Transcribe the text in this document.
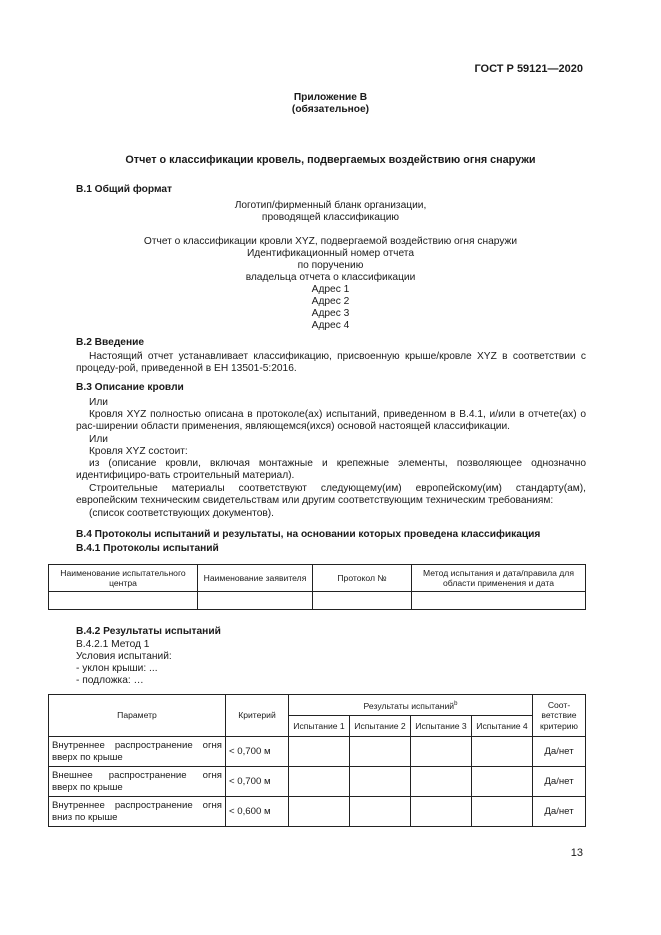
ГОСТ Р 59121—2020
Приложение В
(обязательное)
Отчет о классификации кровель, подвергаемых воздействию огня снаружи
В.1 Общий формат
Логотип/фирменный бланк организации,
проводящей классификацию
Отчет о классификации кровли XYZ, подвергаемой воздействию огня снаружи
Идентификационный номер отчета
по поручению
владельца отчета о классификации
Адрес 1
Адрес 2
Адрес 3
Адрес 4
В.2 Введение
Настоящий отчет устанавливает классификацию, присвоенную крыше/кровле XYZ в соответствии с процеду-рой, приведенной в ЕН 13501-5:2016.
В.3 Описание кровли
Или
Кровля XYZ полностью описана в протоколе(ах) испытаний, приведенном в В.4.1, и/или в отчете(ах) о рас-ширении области применения, являющемся(ихся) основой настоящей классификации.
Или
Кровля XYZ состоит:
из (описание кровли, включая монтажные и крепежные элементы, позволяющее однозначно идентифициро-вать строительный материал).
Строительные материалы соответствуют следующему(им) европейскому(им) стандарту(ам), европейским техническим свидетельствам или другим соответствующим техническим требованиям:
(список соответствующих документов).
В.4 Протоколы испытаний и результаты, на основании которых проведена классификация
В.4.1 Протоколы испытаний
Наименование испытательного центра	Наименование заявителя	Протокол №	Метод испытания и дата/правила для области применения и дата

В.4.2 Результаты испытаний
В.4.2.1 Метод 1
Условия испытаний:
- уклон крыши: ...
- подложка: …
Параметр	Критерий	Результаты испытаний$^b$				Соот-ветствие критерию
		Испытание 1	Испытание 2	Испытание 3	Испытание 4	
Внутреннее распространение огня вверх по крыше	< 0,700 м					Да/нет
Внешнее распространение огня вверх по крыше	< 0,700 м					Да/нет
Внутреннее распространение огня вниз по крыше	< 0,600 м					Да/нет
13
